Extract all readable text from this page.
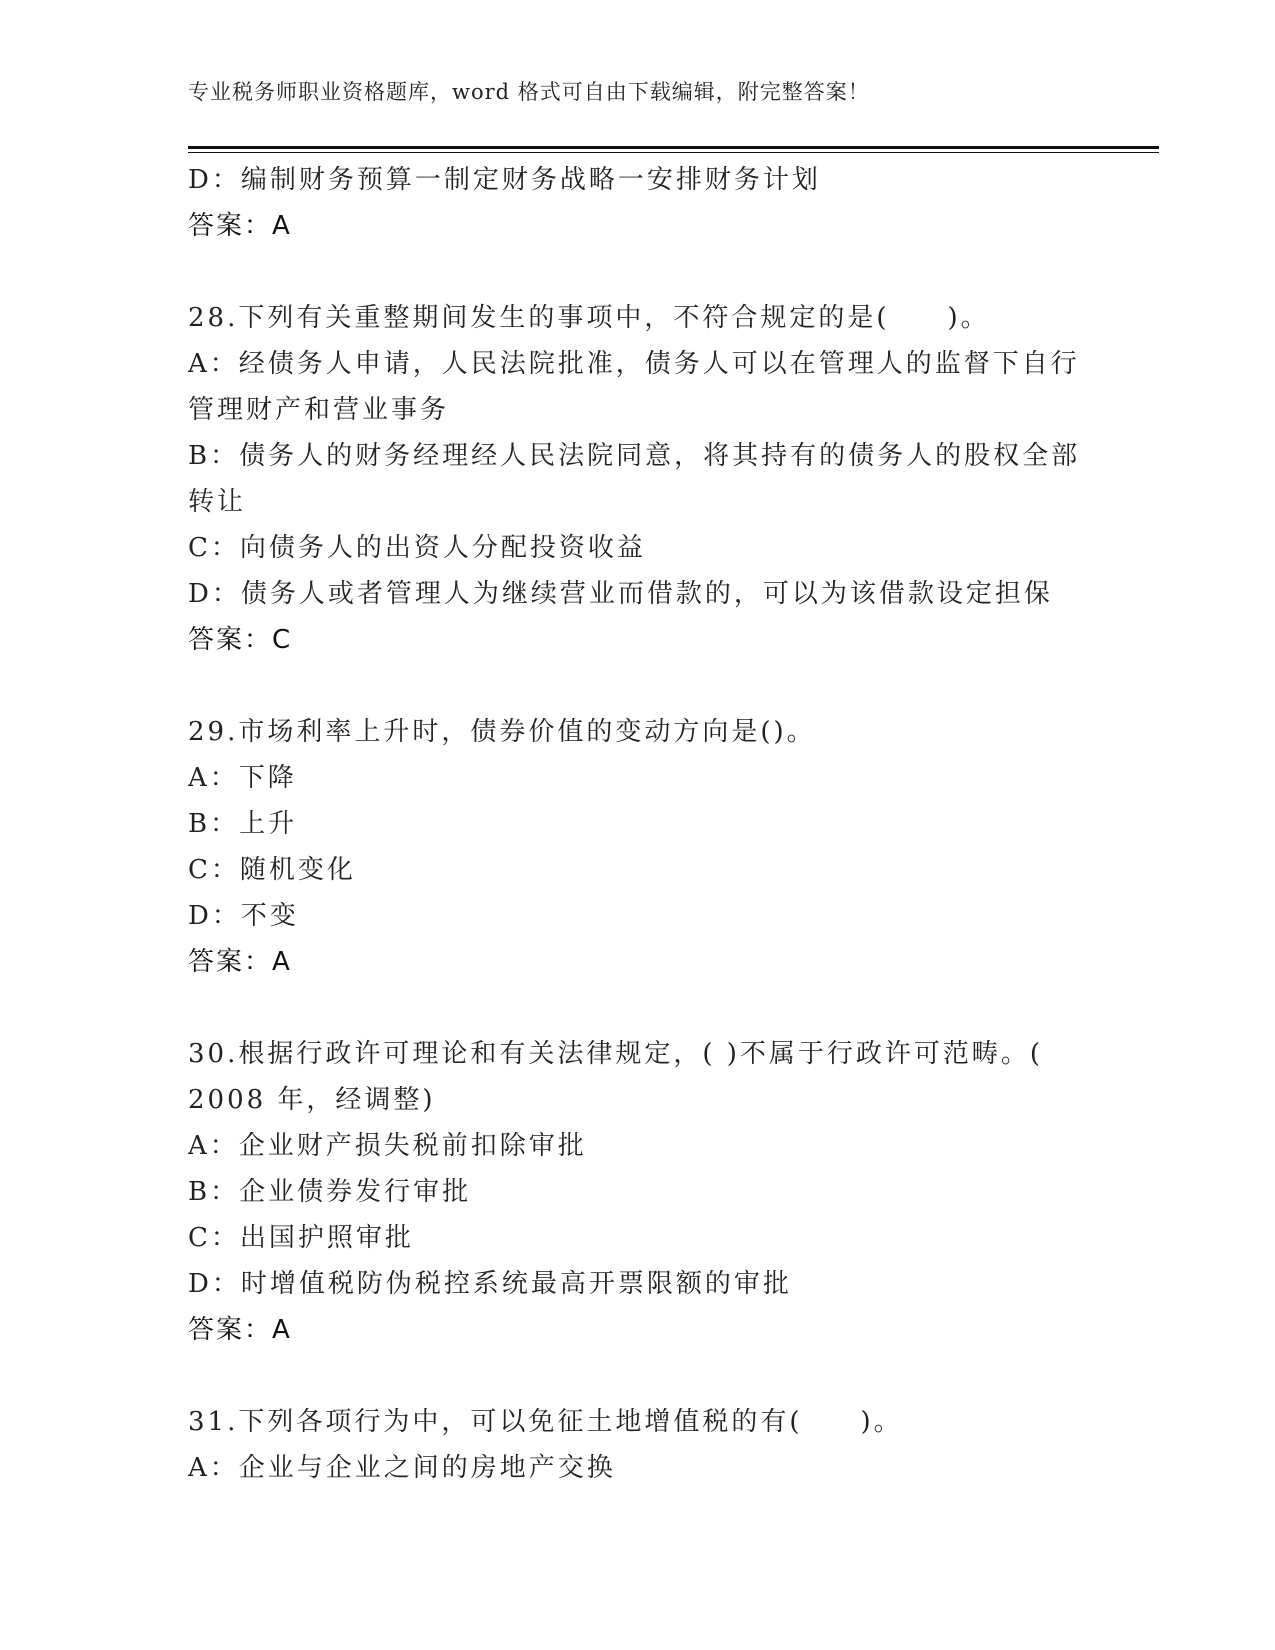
专业税务师职业资格题库，word 格式可自由下载编辑，附完整答案！
D：编制财务预算一制定财务战略一安排财务计划
答案：A
28.下列有关重整期间发生的事项中，不符合规定的是(　　)。
A：经债务人申请，人民法院批准，债务人可以在管理人的监督下自行
管理财产和营业事务
B：债务人的财务经理经人民法院同意，将其持有的债务人的股权全部
转让
C：向债务人的出资人分配投资收益
D：债务人或者管理人为继续营业而借款的，可以为该借款设定担保
答案：C
29.市场利率上升时，债券价值的变动方向是()。
A：下降
B：上升
C：随机变化
D：不变
答案：A
30.根据行政许可理论和有关法律规定，( )不属于行政许可范畴。(
2008 年，经调整)
A：企业财产损失税前扣除审批
B：企业债券发行审批
C：出国护照审批
D：时增值税防伪税控系统最高开票限额的审批
答案：A
31.下列各项行为中，可以免征土地增值税的有(　　)。
A：企业与企业之间的房地产交换
